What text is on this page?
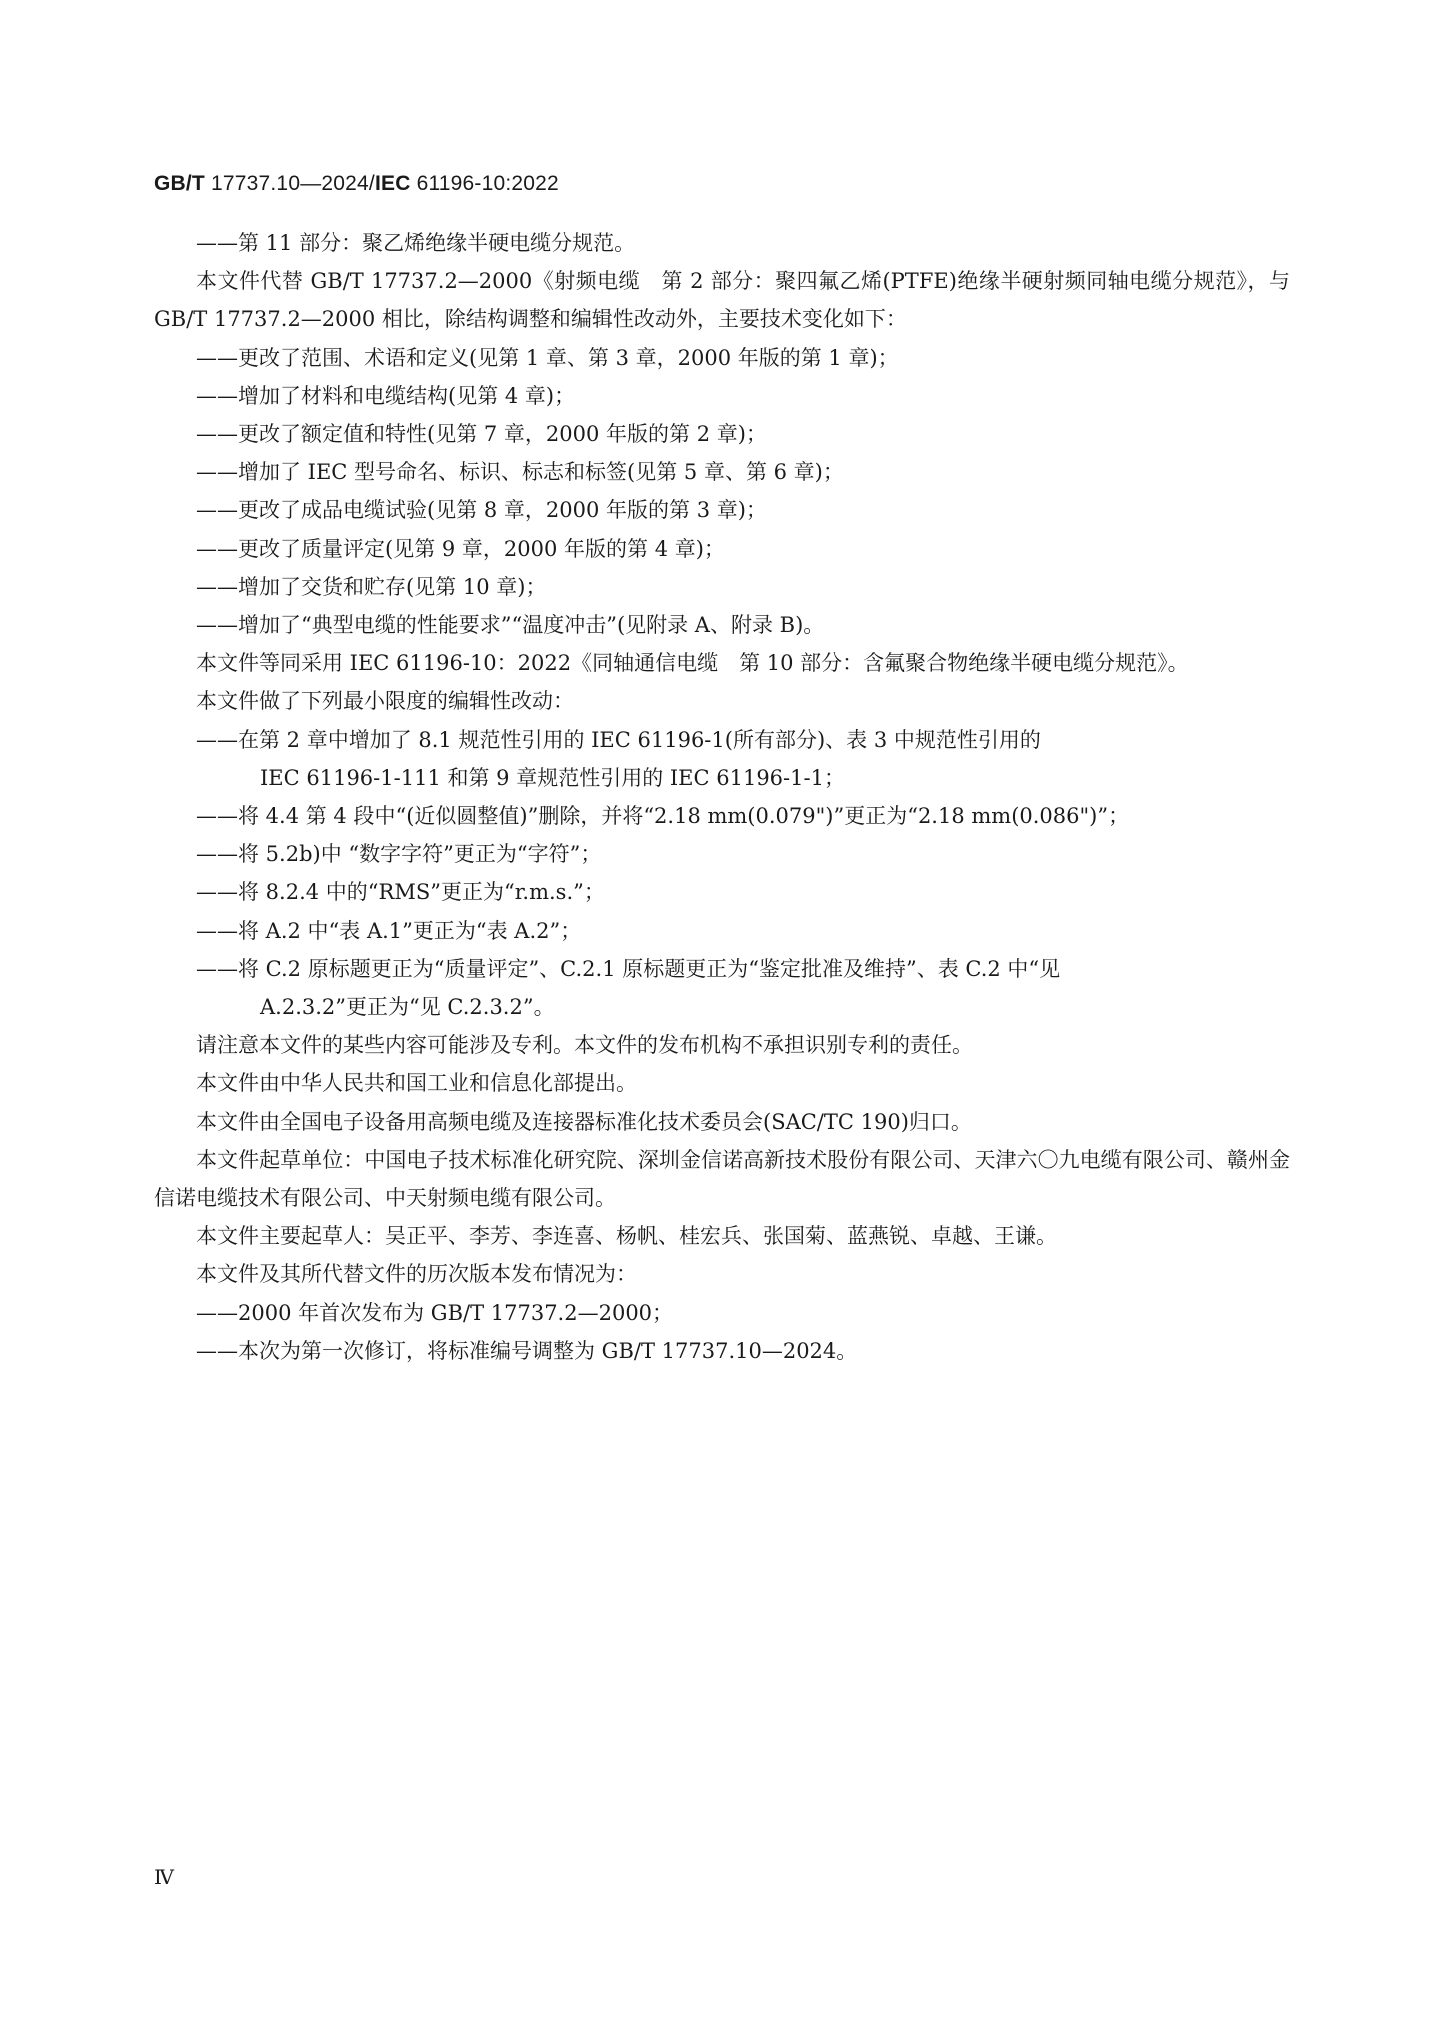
GB/T 17737.10—2024/IEC 61196-10:2022

——第 11 部分：聚乙烯绝缘半硬电缆分规范。

本文件代替 GB/T 17737.2—2000《射频电缆　第 2 部分：聚四氟乙烯(PTFE)绝缘半硬射频同轴电缆分规范》，与 GB/T 17737.2—2000 相比，除结构调整和编辑性改动外，主要技术变化如下：

——更改了范围、术语和定义(见第 1 章、第 3 章，2000 年版的第 1 章)；

——增加了材料和电缆结构(见第 4 章)；

——更改了额定值和特性(见第 7 章，2000 年版的第 2 章)；

——增加了 IEC 型号命名、标识、标志和标签(见第 5 章、第 6 章)；

——更改了成品电缆试验(见第 8 章，2000 年版的第 3 章)；

——更改了质量评定(见第 9 章，2000 年版的第 4 章)；

——增加了交货和贮存(见第 10 章)；

——增加了“典型电缆的性能要求”“温度冲击”(见附录 A、附录 B)。

本文件等同采用 IEC 61196-10：2022《同轴通信电缆　第 10 部分：含氟聚合物绝缘半硬电缆分规范》。

本文件做了下列最小限度的编辑性改动：

——在第 2 章中增加了 8.1 规范性引用的 IEC 61196-1(所有部分)、表 3 中规范性引用的

IEC 61196-1-111 和第 9 章规范性引用的 IEC 61196-1-1；

——将 4.4 第 4 段中“(近似圆整值)”删除，并将“2.18 mm(0.079")”更正为“2.18 mm(0.086")”；

——将 5.2b)中 “数字字符”更正为“字符”；

——将 8.2.4 中的“RMS”更正为“r.m.s.”；

——将 A.2 中“表 A.1”更正为“表 A.2”；

——将 C.2 原标题更正为“质量评定”、C.2.1 原标题更正为“鉴定批准及维持”、表 C.2 中“见

A.2.3.2”更正为“见 C.2.3.2”。

请注意本文件的某些内容可能涉及专利。本文件的发布机构不承担识别专利的责任。

本文件由中华人民共和国工业和信息化部提出。

本文件由全国电子设备用高频电缆及连接器标准化技术委员会(SAC/TC 190)归口。

本文件起草单位：中国电子技术标准化研究院、深圳金信诺高新技术股份有限公司、天津六〇九电缆有限公司、赣州金信诺电缆技术有限公司、中天射频电缆有限公司。

本文件主要起草人：吴正平、李芳、李连喜、杨帆、桂宏兵、张国菊、蓝燕锐、卓越、王谦。

本文件及其所代替文件的历次版本发布情况为：

——2000 年首次发布为 GB/T 17737.2—2000；

——本次为第一次修订，将标准编号调整为 GB/T 17737.10—2024。

Ⅳ
